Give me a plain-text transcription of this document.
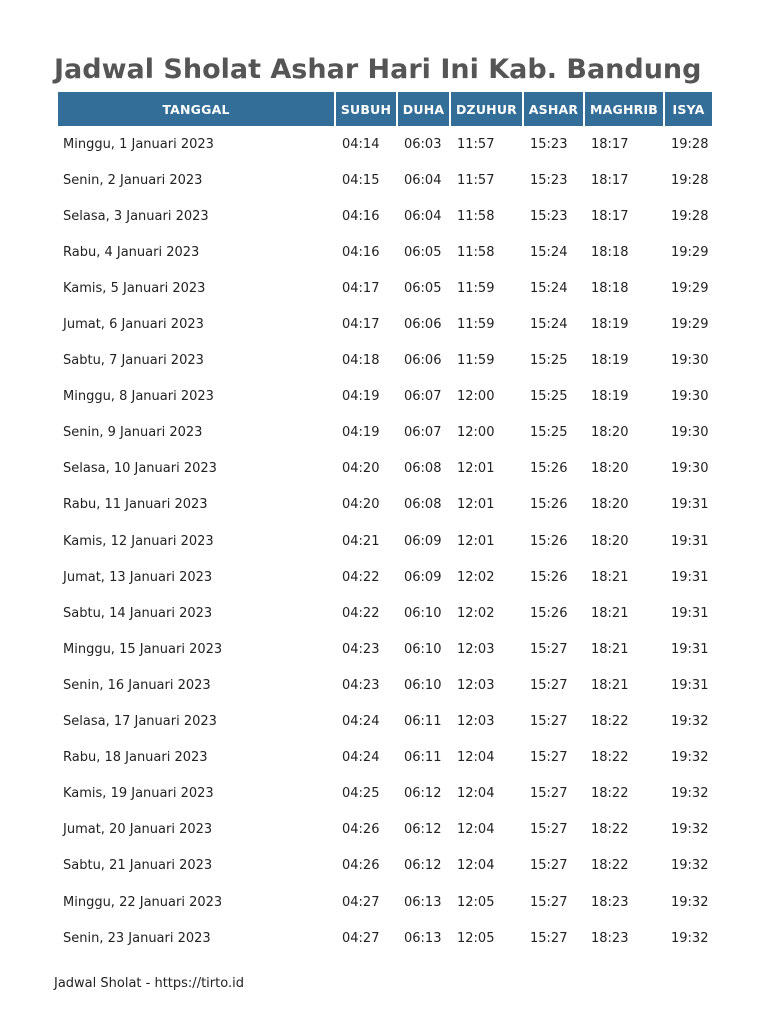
Jadwal Sholat Ashar Hari Ini Kab. Bandung
TANGGAL	SUBUH	DUHA	DZUHUR	ASHAR	MAGHRIB	ISYA
Minggu, 1 Januari 2023	04:14	06:03	11:57	15:23	18:17	19:28
Senin, 2 Januari 2023	04:15	06:04	11:57	15:23	18:17	19:28
Selasa, 3 Januari 2023	04:16	06:04	11:58	15:23	18:17	19:28
Rabu, 4 Januari 2023	04:16	06:05	11:58	15:24	18:18	19:29
Kamis, 5 Januari 2023	04:17	06:05	11:59	15:24	18:18	19:29
Jumat, 6 Januari 2023	04:17	06:06	11:59	15:24	18:19	19:29
Sabtu, 7 Januari 2023	04:18	06:06	11:59	15:25	18:19	19:30
Minggu, 8 Januari 2023	04:19	06:07	12:00	15:25	18:19	19:30
Senin, 9 Januari 2023	04:19	06:07	12:00	15:25	18:20	19:30
Selasa, 10 Januari 2023	04:20	06:08	12:01	15:26	18:20	19:30
Rabu, 11 Januari 2023	04:20	06:08	12:01	15:26	18:20	19:31
Kamis, 12 Januari 2023	04:21	06:09	12:01	15:26	18:20	19:31
Jumat, 13 Januari 2023	04:22	06:09	12:02	15:26	18:21	19:31
Sabtu, 14 Januari 2023	04:22	06:10	12:02	15:26	18:21	19:31
Minggu, 15 Januari 2023	04:23	06:10	12:03	15:27	18:21	19:31
Senin, 16 Januari 2023	04:23	06:10	12:03	15:27	18:21	19:31
Selasa, 17 Januari 2023	04:24	06:11	12:03	15:27	18:22	19:32
Rabu, 18 Januari 2023	04:24	06:11	12:04	15:27	18:22	19:32
Kamis, 19 Januari 2023	04:25	06:12	12:04	15:27	18:22	19:32
Jumat, 20 Januari 2023	04:26	06:12	12:04	15:27	18:22	19:32
Sabtu, 21 Januari 2023	04:26	06:12	12:04	15:27	18:22	19:32
Minggu, 22 Januari 2023	04:27	06:13	12:05	15:27	18:23	19:32
Senin, 23 Januari 2023	04:27	06:13	12:05	15:27	18:23	19:32
Jadwal Sholat - https://tirto.id
